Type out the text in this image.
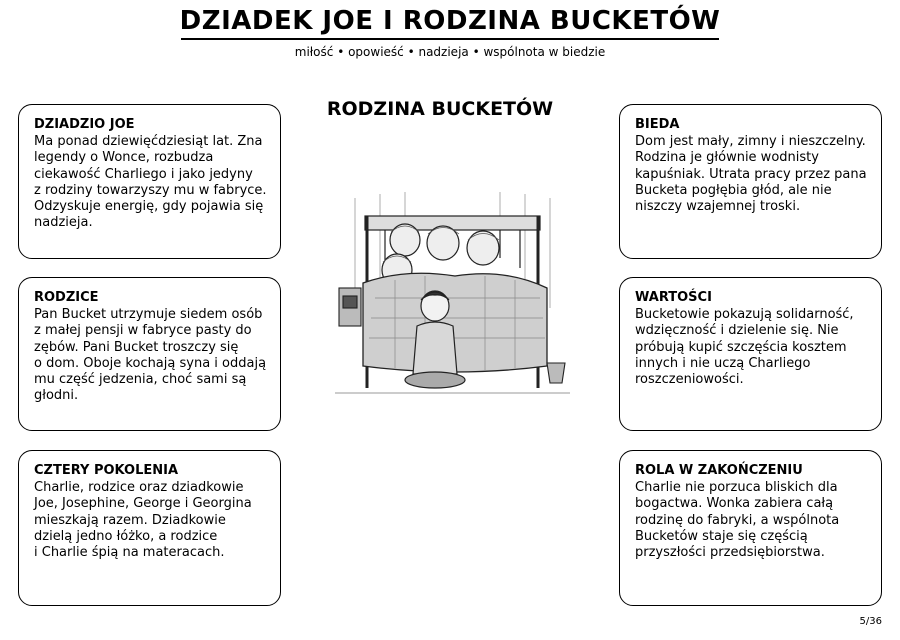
DZIADEK JOE I RODZINA BUCKETÓW
miłość • opowieść • nadzieja • wspólnota w biedzie
RODZINA BUCKETÓW
DZIADZIO JOE

Ma ponad dziewięćdziesiąt lat. Zna
legendy o Wonce, rozbudza
ciekawość Charliego i jako jedyny
z rodziny towarzyszy mu w fabryce.
Odzyskuje energię, gdy pojawia się
nadzieja.

RODZICE

Pan Bucket utrzymuje siedem osób
z małej pensji w fabryce pasty do
zębów. Pani Bucket troszczy się
o dom. Oboje kochają syna i oddają
mu część jedzenia, choć sami są
głodni.

CZTERY POKOLENIA

Charlie, rodzice oraz dziadkowie
Joe, Josephine, George i Georgina
mieszkają razem. Dziadkowie
dzielą jedno łóżko, a rodzice
i Charlie śpią na materacach.

BIEDA

Dom jest mały, zimny i nieszczelny.
Rodzina je głównie wodnisty
kapuśniak. Utrata pracy przez pana
Bucketa pogłębia głód, ale nie
niszczy wzajemnej troski.

WARTOŚCI

Bucketowie pokazują solidarność,
wdzięczność i dzielenie się. Nie
próbują kupić szczęścia kosztem
innych i nie uczą Charliego
roszczeniowości.

ROLA W ZAKOŃCZENIU

Charlie nie porzuca bliskich dla
bogactwa. Wonka zabiera całą
rodzinę do fabryki, a wspólnota
Bucketów staje się częścią
przyszłości przedsiębiorstwa.

5/36
